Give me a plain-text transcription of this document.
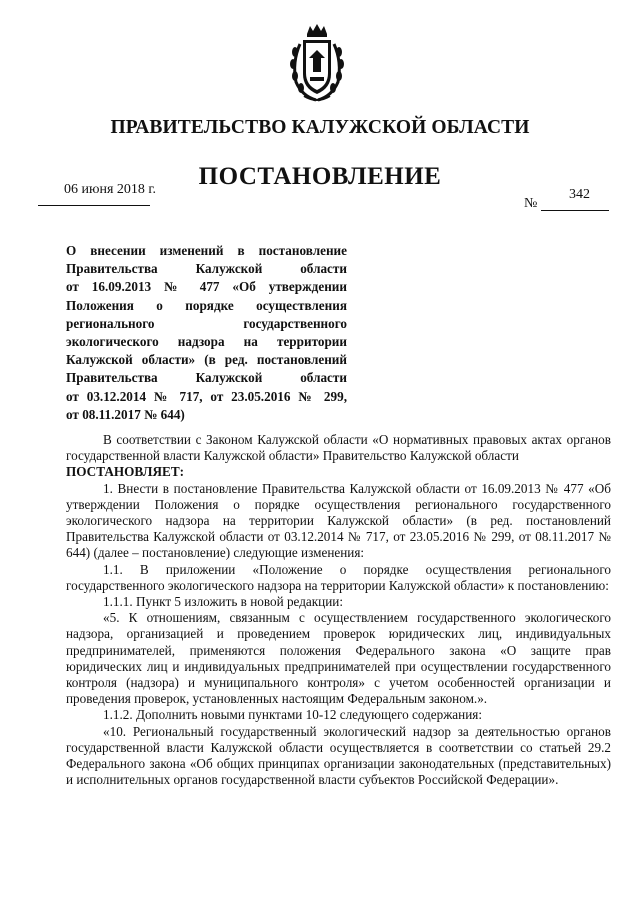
ПРАВИТЕЛЬСТВО КАЛУЖСКОЙ ОБЛАСТИ
ПОСТАНОВЛЕНИЕ
06 июня 2018 г.
№
342
О внесении изменений в постановление
Правительства Калужской области
от 16.09.2013 № 477 «Об утверждении
Положения о порядке осуществления
регионального государственного
экологического надзора на территории
Калужской области» (в ред. постановлений
Правительства Калужской области
от 03.12.2014 № 717, от 23.05.2016 № 299,
от 08.11.2017 № 644)

В соответствии с Законом Калужской области «О нормативных правовых актах органов государственной власти Калужской области» Правительство Калужской области

ПОСТАНОВЛЯЕТ:

1. Внести в постановление Правительства Калужской области от 16.09.2013 № 477 «Об утверждении Положения о порядке осуществления регионального государственного экологического надзора на территории Калужской области» (в ред. постановлений Правительства Калужской области от 03.12.2014 № 717, от 23.05.2016 № 299, от 08.11.2017 № 644) (далее – постановление) следующие изменения:

1.1. В приложении «Положение о порядке осуществления регионального государственного экологического надзора на территории Калужской области» к постановлению:

1.1.1. Пункт 5 изложить в новой редакции:

«5. К отношениям, связанным с осуществлением государственного экологического надзора, организацией и проведением проверок юридических лиц, индивидуальных предпринимателей, применяются положения Федерального закона «О защите прав юридических лиц и индивидуальных предпринимателей при осуществлении государственного контроля (надзора) и муниципального контроля» с учетом особенностей организации и проведения проверок, установленных настоящим Федеральным законом.».

1.1.2. Дополнить новыми пунктами 10-12 следующего содержания:

«10. Региональный государственный экологический надзор за деятельностью органов государственной власти Калужской области осуществляется в соответствии со статьей 29.2 Федерального закона «Об общих принципах организации законодательных (представительных) и исполнительных органов государственной власти субъектов Российской Федерации».
